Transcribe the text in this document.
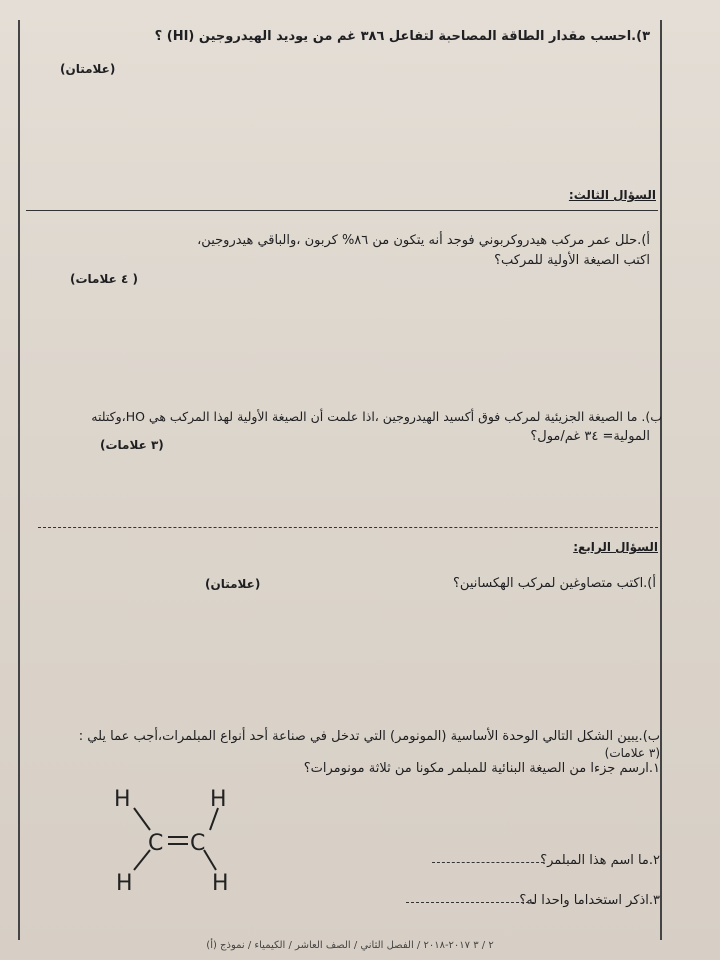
٣).احسب مقدار الطاقة المصاحبة لتفاعل ٣٨٦ غم من يوديد الهيدروجين (HI) ؟
(علامتان)
السؤال الثالث:
أ).حلل عمر مركب هيدروكربوني فوجد أنه يتكون من ٨٦% كربون ،والباقي هيدروجين،
اكتب الصيغة الأولية للمركب؟
( ٤ علامات)
ب). ما الصيغة الجزيئية لمركب فوق أكسيد الهيدروجين ،اذا علمت أن الصيغة الأولية لهذا المركب هي HO،وكتلته
المولية= ٣٤ غم/مول؟
(٣ علامات)
السؤال الرابع:
أ).اكتب متصاوغين لمركب الهكسانين؟
(علامتان)
ب).يبين الشكل التالي الوحدة الأساسية (المونومر) التي تدخل في صناعة أحد أنواع المبلمرات،أجب عما يلي :
(٣ علامات)
١.ارسم جزءا من الصيغة البنائية للمبلمر مكونا من ثلاثة مونومرات؟
٢.ما اسم هذا المبلمر؟
٣.اذكر استخداما واحدا له؟
H	H
C C
H	H
٢ / ٣ ٢٠١٧-٢٠١٨ / الفصل الثاني / الصف العاشر / الكيمياء / نموذج (أ)
